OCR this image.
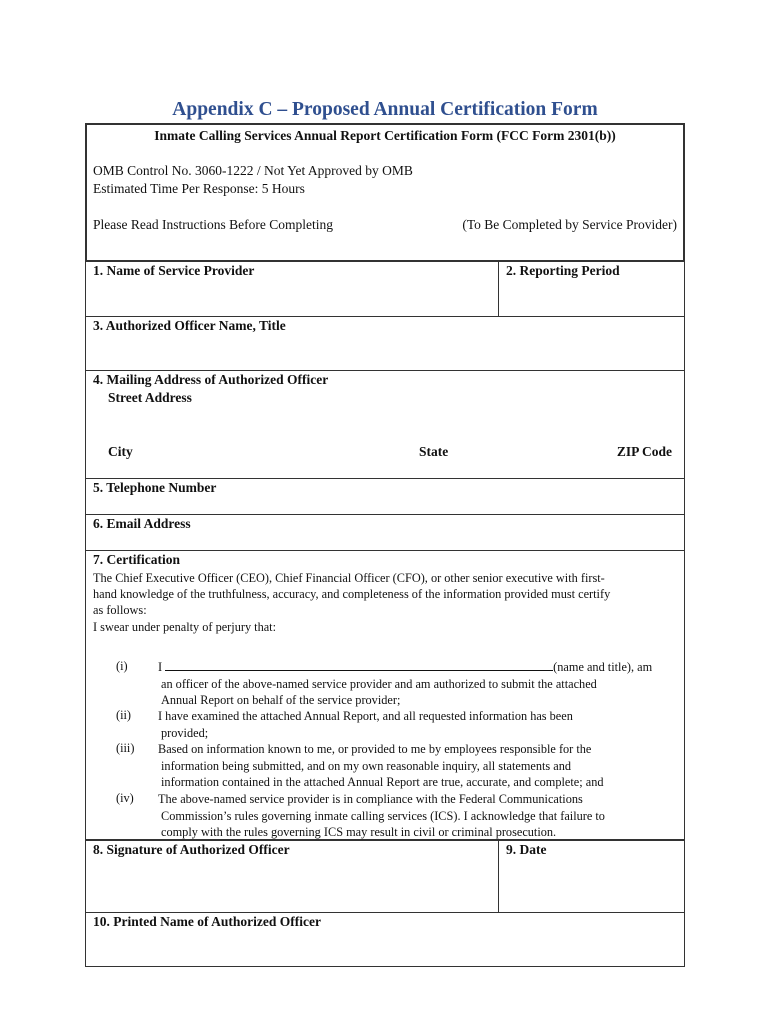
Appendix C – Proposed Annual Certification Form
Inmate Calling Services Annual Report Certification Form (FCC Form 2301(b))
OMB Control No. 3060-1222 / Not Yet Approved by OMB
Estimated Time Per Response: 5 Hours
Please Read Instructions Before Completing	(To Be Completed by Service Provider)
1. Name of Service Provider	2. Reporting Period
3. Authorized Officer Name, Title
4. Mailing Address of Authorized Officer
Street Address
City	State	ZIP Code
5. Telephone Number
6. Email Address
7. Certification
The Chief Executive Officer (CEO), Chief Financial Officer (CFO), or other senior executive with first-
hand knowledge of the truthfulness, accuracy, and completeness of the information provided must certify
as follows:
I swear under penalty of perjury that:
(i) I	(name and title), am
an officer of the above-named service provider and am authorized to submit the attached
Annual Report on behalf of the service provider;
(ii) I have examined the attached Annual Report, and all requested information has been
provided;
(iii) Based on information known to me, or provided to me by employees responsible for the
information being submitted, and on my own reasonable inquiry, all statements and
information contained in the attached Annual Report are true, accurate, and complete; and
(iv) The above-named service provider is in compliance with the Federal Communications
Commission’s rules governing inmate calling services (ICS). I acknowledge that failure to
comply with the rules governing ICS may result in civil or criminal prosecution.
8. Signature of Authorized Officer	9. Date
10. Printed Name of Authorized Officer
